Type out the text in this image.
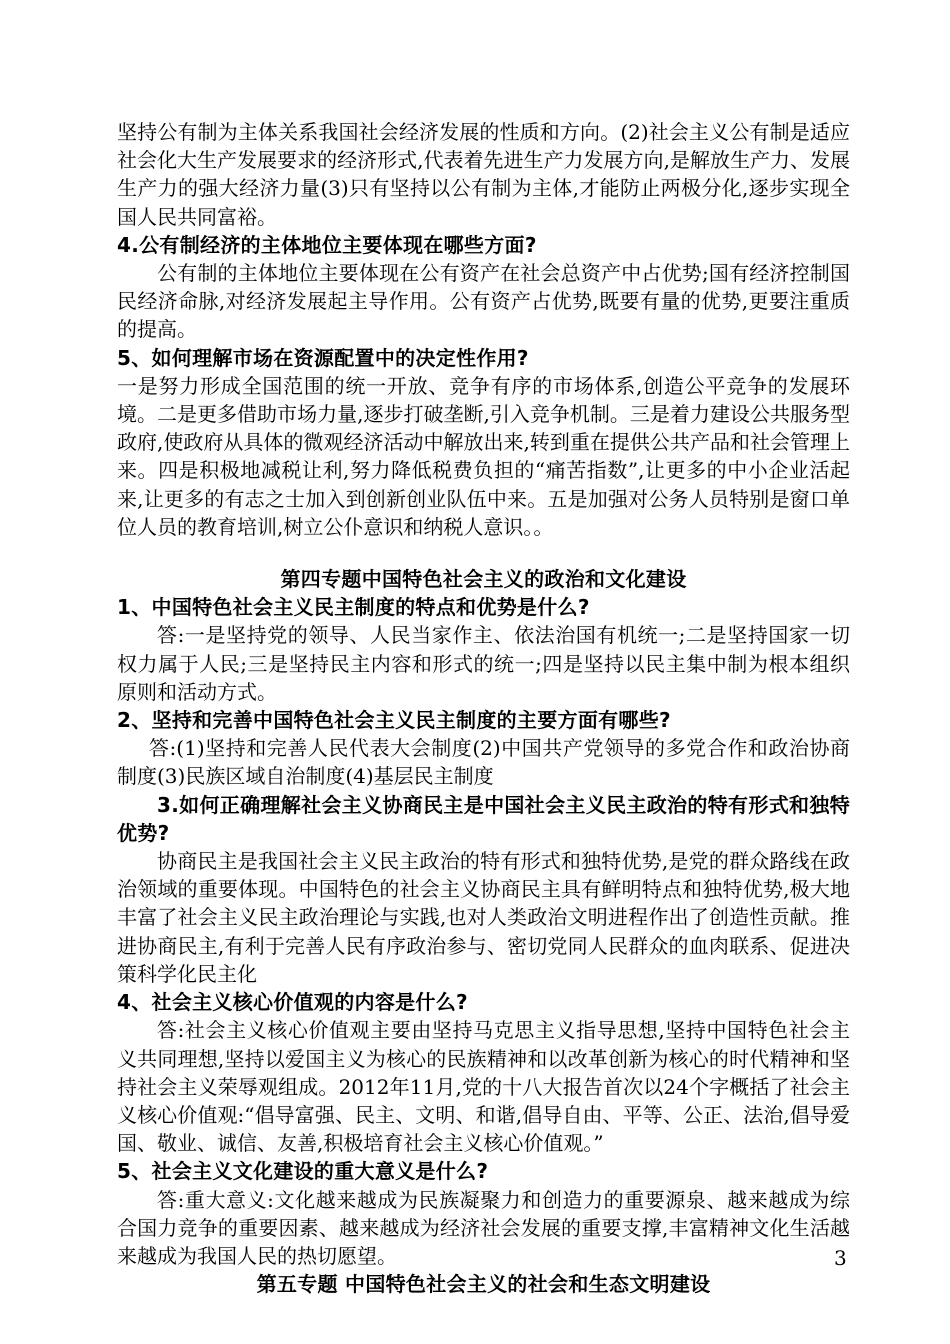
坚持公有制为主体关系我国社会经济发展的性质和方向。(2)社会主义公有制是适应社会化大生产发展要求的经济形式,代表着先进生产力发展方向,是解放生产力、发展生产力的强大经济力量(3)只有坚持以公有制为主体,才能防止两极分化,逐步实现全国人民共同富裕。

4.公有制经济的主体地位主要体现在哪些方面?

公有制的主体地位主要体现在公有资产在社会总资产中占优势;国有经济控制国民经济命脉,对经济发展起主导作用。公有资产占优势,既要有量的优势,更要注重质的提高。

5、如何理解市场在资源配置中的决定性作用?

一是努力形成全国范围的统一开放、竞争有序的市场体系,创造公平竞争的发展环境。二是更多借助市场力量,逐步打破垄断,引入竞争机制。三是着力建设公共服务型政府,使政府从具体的微观经济活动中解放出来,转到重在提供公共产品和社会管理上来。四是积极地减税让利,努力降低税费负担的“痛苦指数”,让更多的中小企业活起来,让更多的有志之士加入到创新创业队伍中来。五是加强对公务人员特别是窗口单位人员的教育培训,树立公仆意识和纳税人意识。。

第四专题中国特色社会主义的政治和文化建设
1、中国特色社会主义民主制度的特点和优势是什么?

答:一是坚持党的领导、人民当家作主、依法治国有机统一;二是坚持国家一切权力属于人民;三是坚持民主内容和形式的统一;四是坚持以民主集中制为根本组织原则和活动方式。

2、坚持和完善中国特色社会主义民主制度的主要方面有哪些?

答:(1)坚持和完善人民代表大会制度(2)中国共产党领导的多党合作和政治协商制度(3)民族区域自治制度(4)基层民主制度

3.如何正确理解社会主义协商民主是中国社会主义民主政治的特有形式和独特优势?

协商民主是我国社会主义民主政治的特有形式和独特优势,是党的群众路线在政治领域的重要体现。中国特色的社会主义协商民主具有鲜明特点和独特优势,极大地丰富了社会主义民主政治理论与实践,也对人类政治文明进程作出了创造性贡献。推进协商民主,有利于完善人民有序政治参与、密切党同人民群众的血肉联系、促进决策科学化民主化

4、社会主义核心价值观的内容是什么?

答:社会主义核心价值观主要由坚持马克思主义指导思想,坚持中国特色社会主义共同理想,坚持以爱国主义为核心的民族精神和以改革创新为核心的时代精神和坚持社会主义荣辱观组成。2012年11月,党的十八大报告首次以24个字概括了社会主义核心价值观:“倡导富强、民主、文明、和谐,倡导自由、平等、公正、法治,倡导爱国、敬业、诚信、友善,积极培育社会主义核心价值观。”

5、社会主义文化建设的重大意义是什么?

答:重大意义:文化越来越成为民族凝聚力和创造力的重要源泉、越来越成为综合国力竞争的重要因素、越来越成为经济社会发展的重要支撑,丰富精神文化生活越来越成为我国人民的热切愿望。

第五专题 中国特色社会主义的社会和生态文明建设
3
